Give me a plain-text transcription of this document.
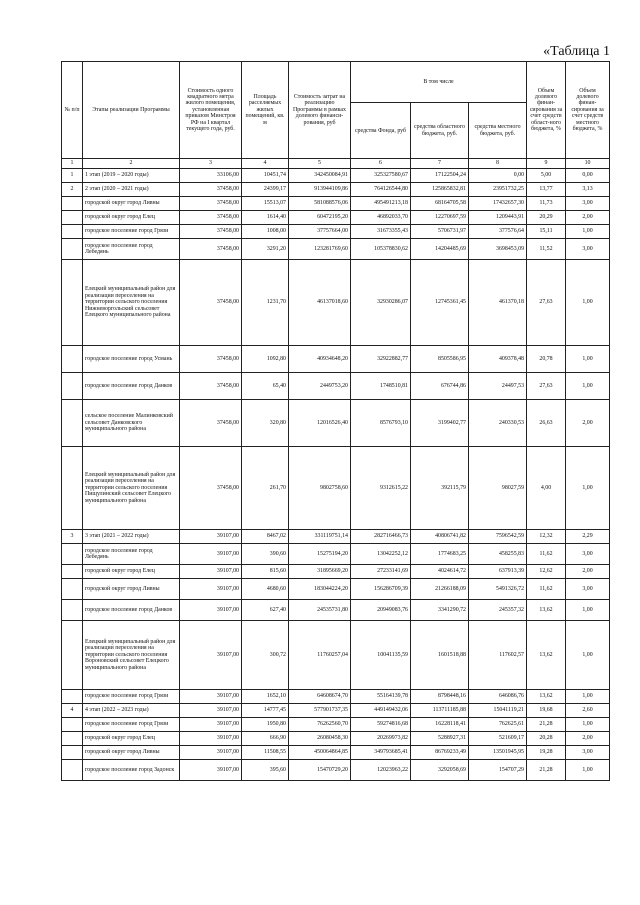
«Таблица 1
№ п/п	Этапы реализации Программы	Стоимость одного квадратного метра жилого помещения, установленная приказом Минстроя РФ на I квартал текущего года, руб.	Площадь расселяемых жилых помещений, кв. м	Стоимость затрат на реализацию Программы в рамках долевого финанси-рования, руб	В том числе			Объем долевого финан-сирования за счет средств област-ного бюджета, %	Объем долевого финан-сирования за счет средств местного бюджета, %
					средства Фонда, руб	средства областного бюджета, руб.	средства местного бюджета, руб.		
1	2	3	4	5	6	7	8	9	10
1	1 этап (2019 – 2020 годы)	33106,00	10451,74	342450084,91	325327580,67	17122504,24	0,00	5,00	0,00
2	2 этап (2020 – 2021 годы)	37458,00	24399,17	913944109,86	764126544,80	125865832,81	23951732,25	13,77	3,13
	городской округ город Ливны	37458,00	15513,07	581088576,06	495491213,18	68164705,58	17432657,30	11,73	3,00
	городской округ город Елец	37458,00	1614,40	60472195,20	46892033,70	12270697,59	1209443,91	20,29	2,00
	городское поселение город Грязи	37458,00	1008,00	37757664,00	31673355,43	5706731,97	377576,64	15,11	1,00
	городское поселение город Лебедянь	37458,00	3291,20	123281769,60	105378830,62	14204485,69	3698453,09	11,52	3,00
	Елецкий муниципальный район для реализации переселения на территории сельского поселения Нижневоргольский сельсовет Елецкого муниципального района	37458,00	1231,70	46137018,60	32930286,07	12745361,45	461370,18	27,63	1,00
	городское поселение город Усмань	37458,00	1092,80	40934648,20	32922882,77	8505586,95	409378,48	20,78	1,00
	городское поселение город Данков	37458,00	65,40	2449753,20	1748510,81	676744,86	24497,53	27,63	1,00
	сельское поселение Малинковский сельсовет Данковского муниципального района	37458,00	320,80	12016526,40	8576793,10	3199402,77	240330,53	26,63	2,00
	Елецкий муниципальный район для реализации переселения на территории сельского поселения Пищулинский сельсовет Елецкого муниципального района	37458,00	261,70	9802758,60	9312615,22	392115,79	98027,59	4,00	1,00
3	3 этап (2021 – 2022 годы)	39107,00	8467,02	331119751,14	282716466,73	40806741,82	7596542,59	12,32	2,29
	городское поселение город Лебедянь	39107,00	390,60	15275194,20	13042252,12	1774683,25	458255,83	11,62	3,00
	городской округ город Елец	39107,00	815,60	31895669,20	27233141,69	4024614,72	637913,39	12,62	2,00
	городской округ город Ливны	39107,00	4680,60	183044224,20	156286709,39	21266188,09	5491326,72	11,62	3,00
	городское поселение город Данков	39107,00	627,40	24535731,80	20949083,76	3341290,72	245357,32	13,62	1,00
	Елецкий муниципальный район для реализации переселения на территории сельского поселения Вороновский сельсовет Елецкого муниципального района	39107,00	300,72	11760257,04	10041135,59	1601518,88	117602,57	13,62	1,00
	городское поселение город Грязи	39107,00	1652,10	64608674,70	55164139,78	8798448,16	646086,76	13,62	1,00
4	4 этап (2022 – 2023 годы)	39107,00	14777,45	577901737,35	449149432,06	113711185,88	15041119,21	19,68	2,60
	городское поселение город Грязи	39107,00	1950,80	76262560,70	59274816,68	16228118,41	762625,61	21,28	1,00
	городской округ город Елец	39107,00	666,90	26080458,30	20269973,82	5288927,31	521609,17	20,28	2,00
	городской округ город Ливны	39107,00	11508,55	450064864,85	349793685,41	86769233,49	13501945,95	19,28	3,00
	городское поселение город Задонск	39107,00	395,60	15470729,20	12023963,22	3292058,69	154707,29	21,28	1,00
